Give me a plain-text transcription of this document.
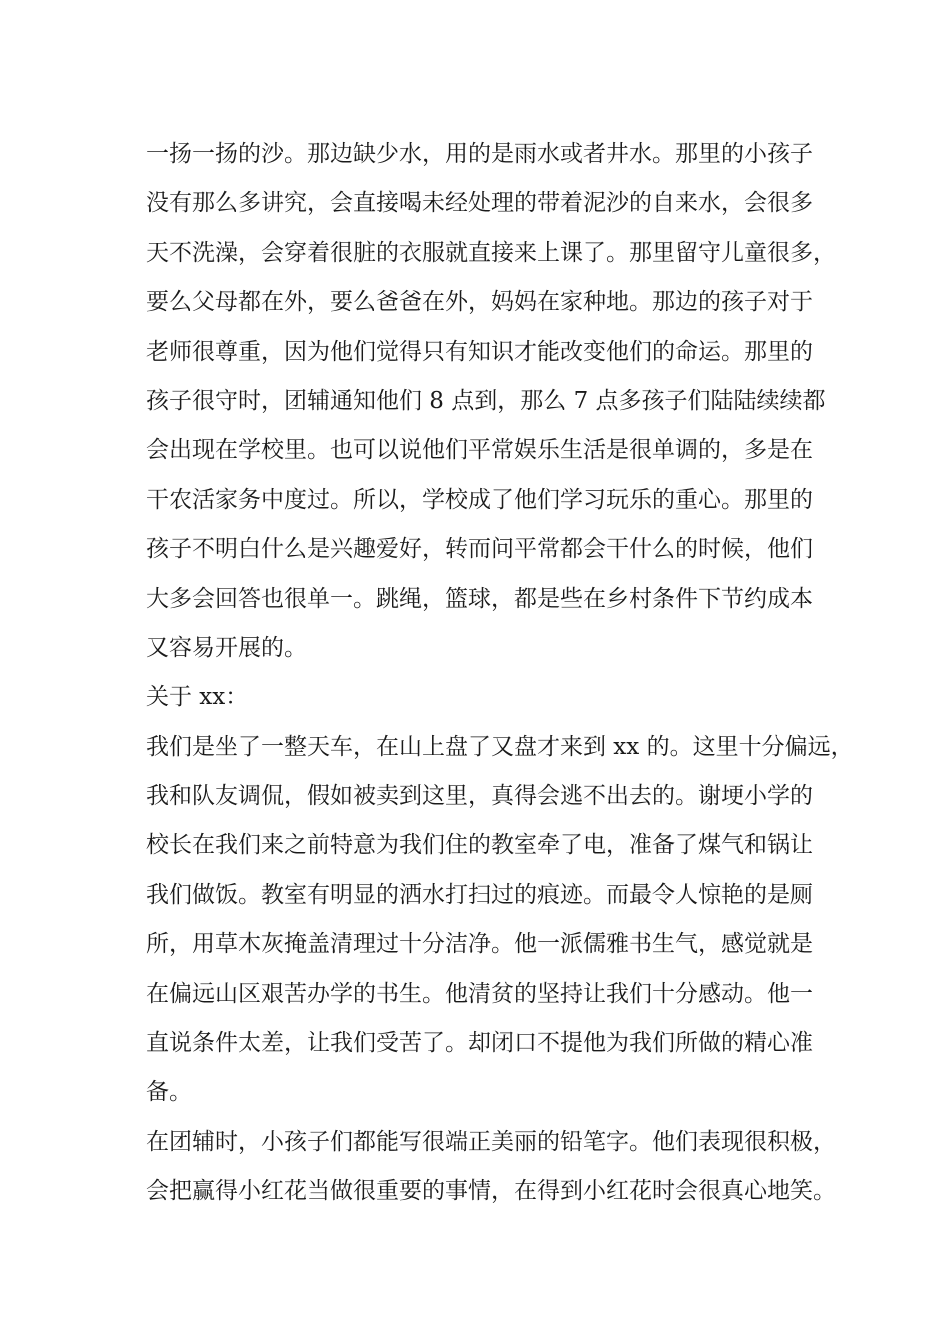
一扬一扬的沙。那边缺少水，用的是雨水或者井水。那里的小孩子
没有那么多讲究，会直接喝未经处理的带着泥沙的自来水，会很多
天不洗澡，会穿着很脏的衣服就直接来上课了。那里留守儿童很多，
要么父母都在外，要么爸爸在外，妈妈在家种地。那边的孩子对于
老师很尊重，因为他们觉得只有知识才能改变他们的命运。那里的
孩子很守时，团辅通知他们 8 点到，那么 7 点多孩子们陆陆续续都
会出现在学校里。也可以说他们平常娱乐生活是很单调的，多是在
干农活家务中度过。所以，学校成了他们学习玩乐的重心。那里的
孩子不明白什么是兴趣爱好，转而问平常都会干什么的时候，他们
大多会回答也很单一。跳绳，篮球，都是些在乡村条件下节约成本
又容易开展的。
关于 xx：
我们是坐了一整天车，在山上盘了又盘才来到 xx 的。这里十分偏远，
我和队友调侃，假如被卖到这里，真得会逃不出去的。谢埂小学的
校长在我们来之前特意为我们住的教室牵了电，准备了煤气和锅让
我们做饭。教室有明显的洒水打扫过的痕迹。而最令人惊艳的是厕
所，用草木灰掩盖清理过十分洁净。他一派儒雅书生气，感觉就是
在偏远山区艰苦办学的书生。他清贫的坚持让我们十分感动。他一
直说条件太差，让我们受苦了。却闭口不提他为我们所做的精心准
备。
在团辅时，小孩子们都能写很端正美丽的铅笔字。他们表现很积极，
会把赢得小红花当做很重要的事情，在得到小红花时会很真心地笑。
